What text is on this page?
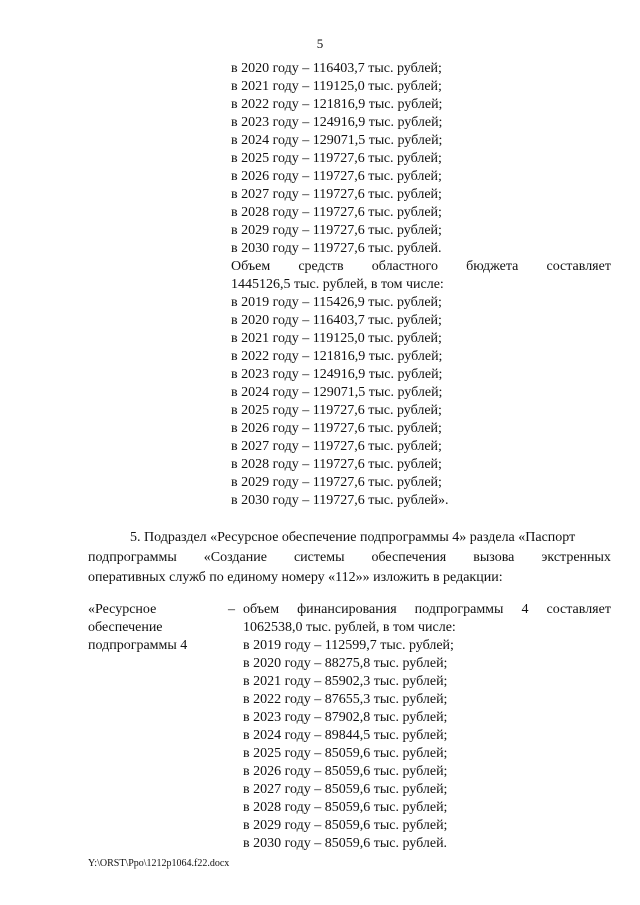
5
в 2020 году – 116403,7 тыс. рублей;
в 2021 году – 119125,0 тыс. рублей;
в 2022 году – 121816,9 тыс. рублей;
в 2023 году – 124916,9 тыс. рублей;
в 2024 году – 129071,5 тыс. рублей;
в 2025 году – 119727,6 тыс. рублей;
в 2026 году – 119727,6 тыс. рублей;
в 2027 году – 119727,6 тыс. рублей;
в 2028 году – 119727,6 тыс. рублей;
в 2029 году – 119727,6 тыс. рублей;
в 2030 году – 119727,6 тыс. рублей.
Объем средств областного бюджета составляет
1445126,5 тыс. рублей, в том числе:
в 2019 году – 115426,9 тыс. рублей;
в 2020 году – 116403,7 тыс. рублей;
в 2021 году – 119125,0 тыс. рублей;
в 2022 году – 121816,9 тыс. рублей;
в 2023 году – 124916,9 тыс. рублей;
в 2024 году – 129071,5 тыс. рублей;
в 2025 году – 119727,6 тыс. рублей;
в 2026 году – 119727,6 тыс. рублей;
в 2027 году – 119727,6 тыс. рублей;
в 2028 году – 119727,6 тыс. рублей;
в 2029 году – 119727,6 тыс. рублей;
в 2030 году – 119727,6 тыс. рублей».
5. Подраздел «Ресурсное обеспечение подпрограммы 4» раздела «Паспорт
подпрограммы «Создание системы обеспечения вызова экстренных
оперативных служб по единому номеру «112»» изложить в редакции:
«Ресурсное
обеспечение
подпрограммы 4
– объем финансирования подпрограммы 4 составляет
1062538,0 тыс. рублей, в том числе:
в 2019 году – 112599,7 тыс. рублей;
в 2020 году – 88275,8 тыс. рублей;
в 2021 году – 85902,3 тыс. рублей;
в 2022 году – 87655,3 тыс. рублей;
в 2023 году – 87902,8 тыс. рублей;
в 2024 году – 89844,5 тыс. рублей;
в 2025 году – 85059,6 тыс. рублей;
в 2026 году – 85059,6 тыс. рублей;
в 2027 году – 85059,6 тыс. рублей;
в 2028 году – 85059,6 тыс. рублей;
в 2029 году – 85059,6 тыс. рублей;
в 2030 году – 85059,6 тыс. рублей.
Y:\ORST\Ppo\1212p1064.f22.docx
